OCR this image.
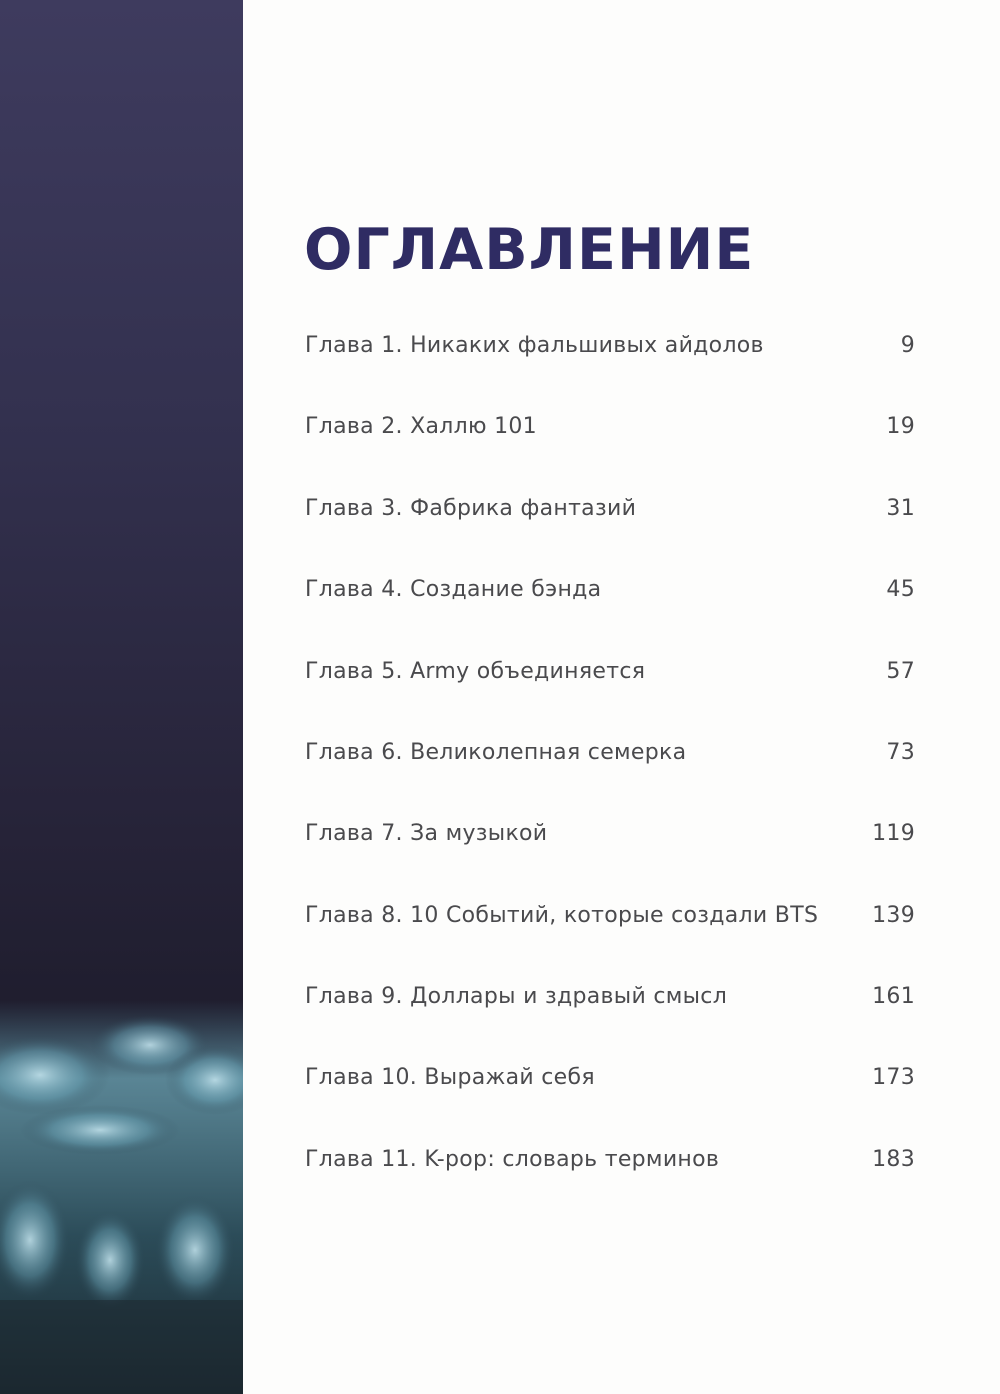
ОГЛАВЛЕНИЕ
Глава 1. Никаких фальшивых айдолов	9
Глава 2. Халлю 101	19
Глава 3. Фабрика фантазий	31
Глава 4. Создание бэнда	45
Глава 5. Army объединяется	57
Глава 6. Великолепная семерка	73
Глава 7. За музыкой	119
Глава 8. 10 Событий, которые создали BTS 139
Глава 9. Доллары и здравый смысл	161
Глава 10. Выражай себя	173
Глава 11. K-pop: словарь терминов	183
